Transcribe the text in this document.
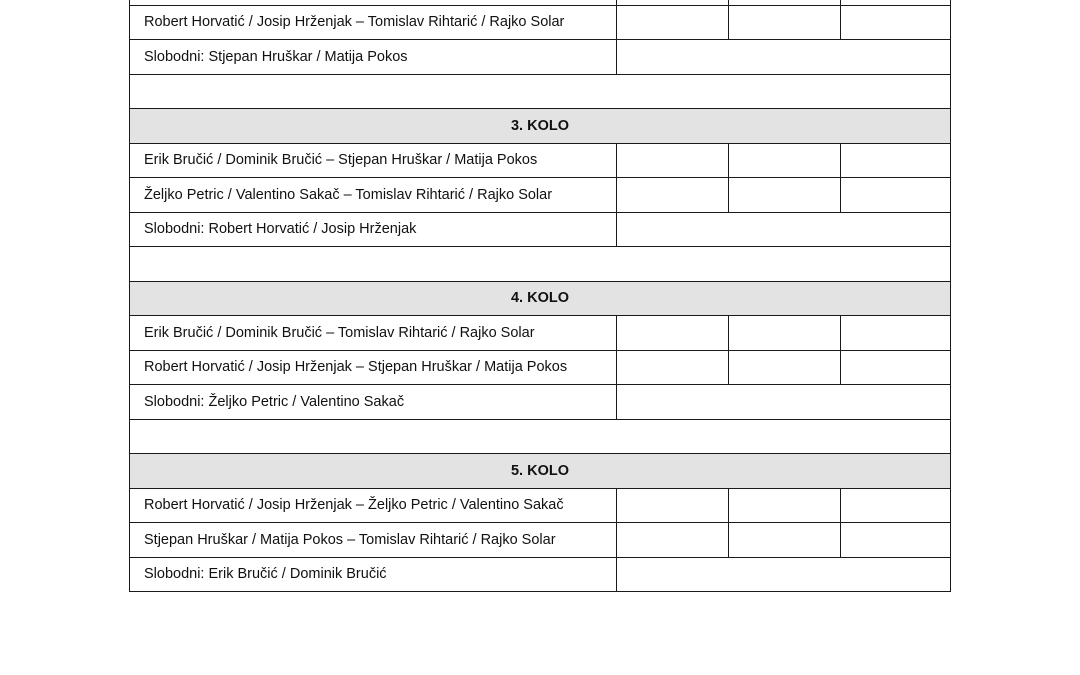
Robert Horvatić / Josip Hrženjak – Tomislav Rihtarić / Rajko Solar			
Slobodni: Stjepan Hruškar / Matija Pokos			

3. KOLO			
Erik Bručić / Dominik Bručić – Stjepan Hruškar / Matija Pokos			
Željko Petric / Valentino Sakač – Tomislav Rihtarić / Rajko Solar			
Slobodni: Robert Horvatić / Josip Hrženjak			

4. KOLO			
Erik Bručić / Dominik Bručić – Tomislav Rihtarić / Rajko Solar			
Robert Horvatić / Josip Hrženjak – Stjepan Hruškar / Matija Pokos			
Slobodni: Željko Petric / Valentino Sakač			

5. KOLO			
Robert Horvatić / Josip Hrženjak – Željko Petric / Valentino Sakač			
Stjepan Hruškar / Matija Pokos – Tomislav Rihtarić / Rajko Solar			
Slobodni: Erik Bručić / Dominik Bručić			
